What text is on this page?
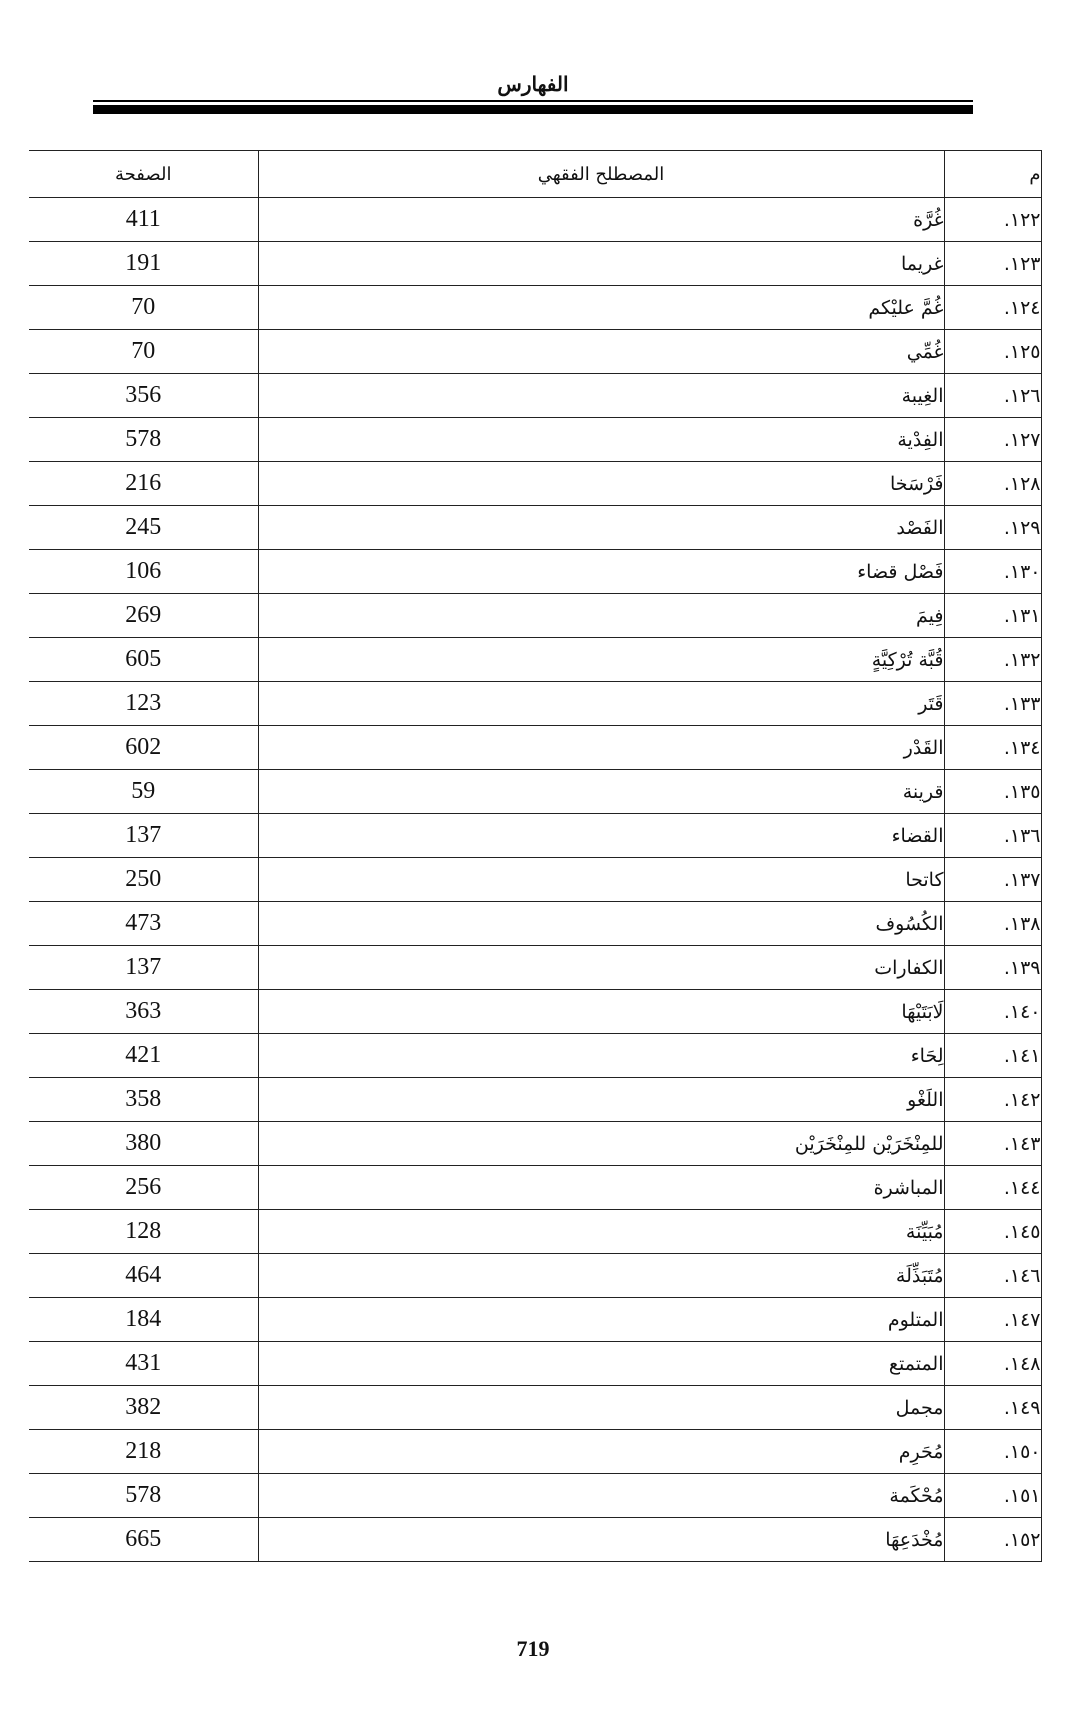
الفهارس
م	المصطلح الفقهي	الصفحة
١٢٢.	غُرَّة	411
١٢٣.	غريما	191
١٢٤.	غُمَّ عليْكم	70
١٢٥.	غُمِّي	70
١٢٦.	الغِيبة	356
١٢٧.	الفِدْية	578
١٢٨.	فَرْسَخا	216
١٢٩.	الفَصْد	245
١٣٠.	فَصْل قضاء	106
١٣١.	فِيمَ	269
١٣٢.	قُبَّة تُرْكِيَّةٍ	605
١٣٣.	قَتَر	123
١٣٤.	القَدْر	602
١٣٥.	قرينة	59
١٣٦.	القضاء	137
١٣٧.	كاتحا	250
١٣٨.	الكُسُوف	473
١٣٩.	الكفارات	137
١٤٠.	لَابَتَيْهَا	363
١٤١.	لِحَاء	421
١٤٢.	اللَغْو	358
١٤٣.	للمِنْخَرَيْن للمِنْخَرَيْن	380
١٤٤.	المباشرة	256
١٤٥.	مُبَيِّنَة	128
١٤٦.	مُتَبَذِّلَة	464
١٤٧.	المتلوم	184
١٤٨.	المتمتع	431
١٤٩.	مجمل	382
١٥٠.	مُحَرِم	218
١٥١.	مُحْكَمة	578
١٥٢.	مُخْدَعِهَا	665
719
